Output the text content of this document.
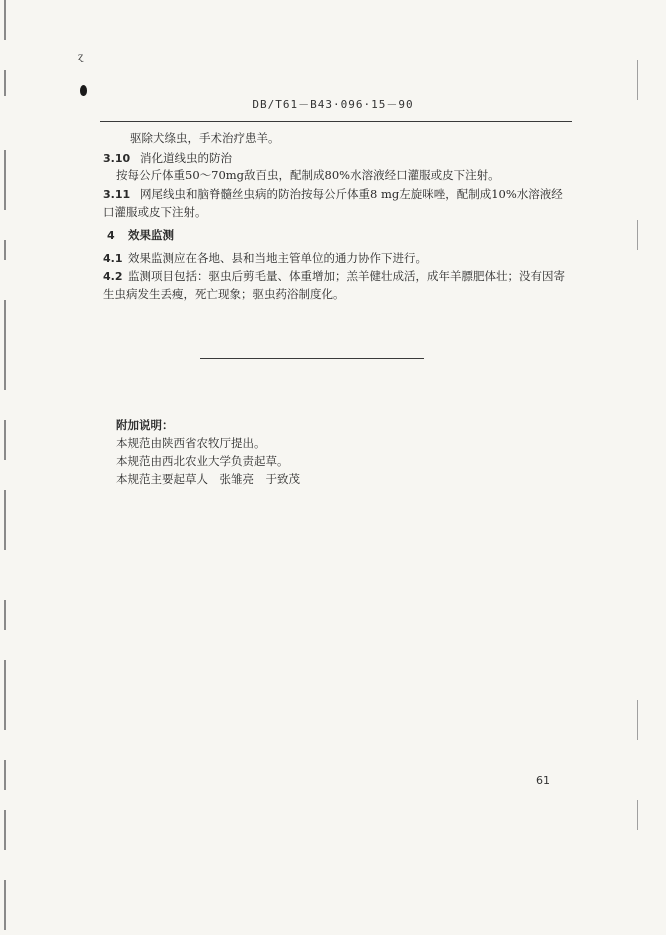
ɀ
DB/T61－B43·096·15－90
驱除犬绦虫，手术治疗患羊。
3.10 消化道线虫的防治
按每公斤体重50～70mg敌百虫，配制成80%水溶液经口灌服或皮下注射。
3.11 网尾线虫和脑脊髓丝虫病的防治按每公斤体重8 mg左旋咪唑，配制成10%水溶液经
口灌服或皮下注射。
4 效果监测
4.1 效果监测应在各地、县和当地主管单位的通力协作下进行。
4.2 监测项目包括：驱虫后剪毛量、体重增加；羔羊健壮成活，成年羊膘肥体壮；没有因寄
生虫病发生丢瘦，死亡现象；驱虫药浴制度化。
附加说明：
本规范由陕西省农牧厅提出。
本规范由西北农业大学负责起草。
本规范主要起草人　张雏亮　于致茂
61
